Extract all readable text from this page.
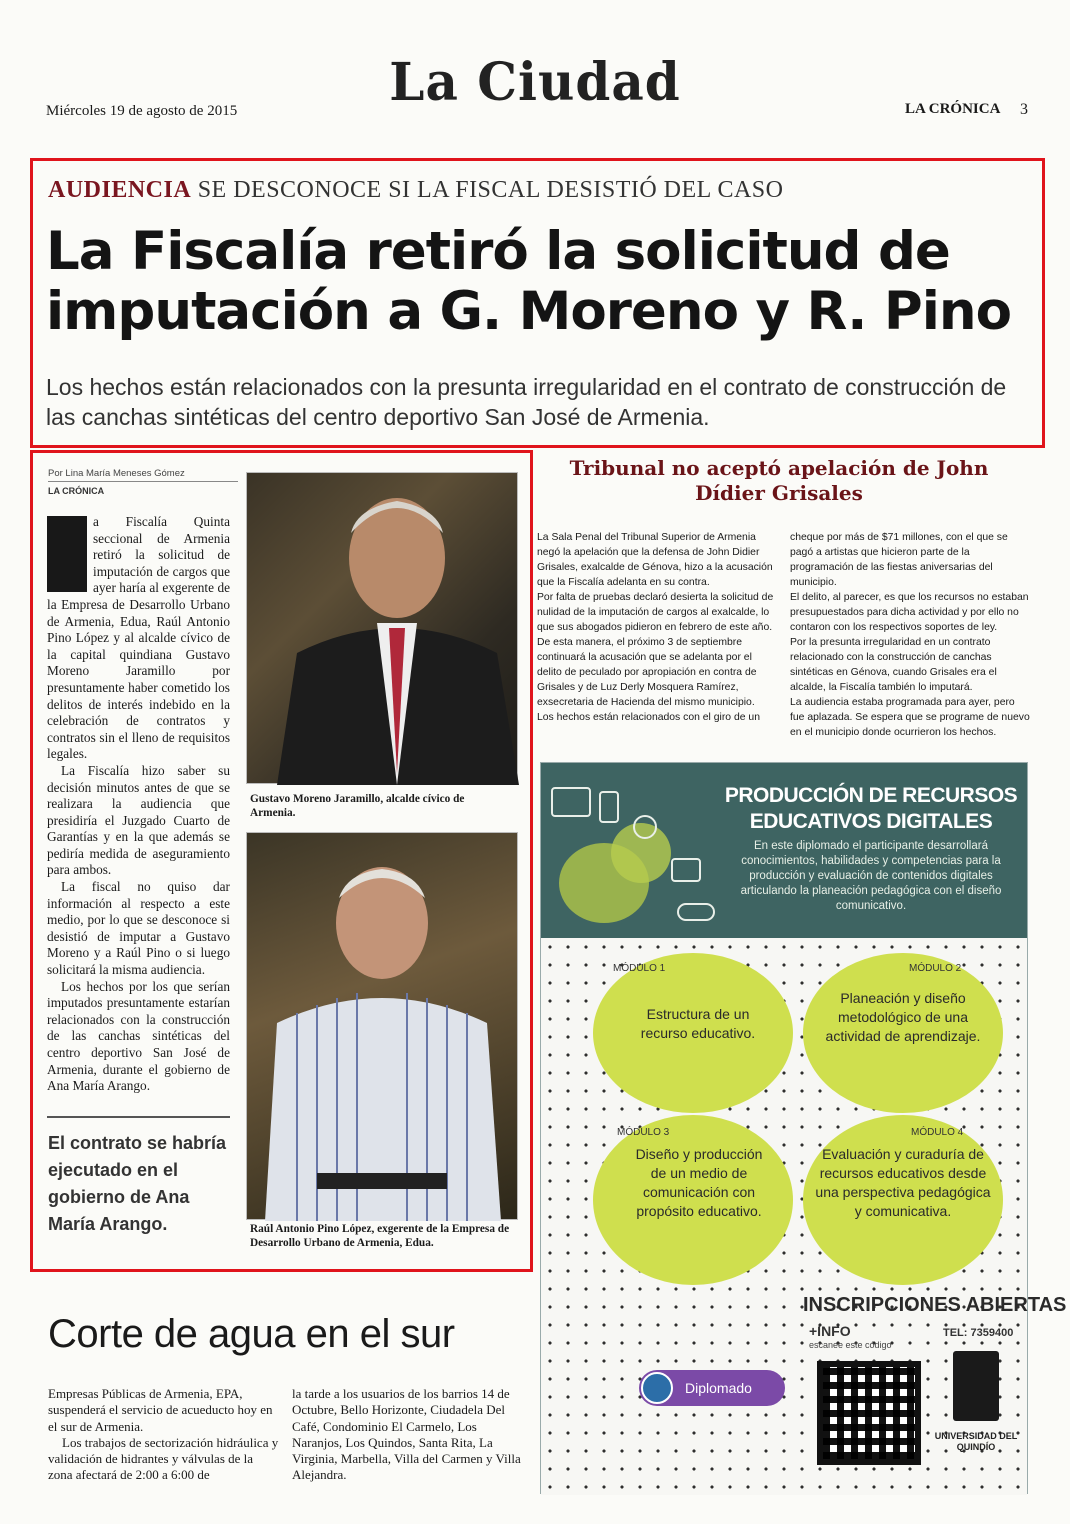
Miércoles 19 de agosto de 2015	La Ciudad	LA CRÓNICA 3
AUDIENCIA SE DESCONOCE SI LA FISCAL DESISTIÓ DEL CASO
La Fiscalía retiró la solicitud de imputación a G. Moreno y R. Pino
Los hechos están relacionados con la presunta irregularidad en el contrato de construcción de las canchas sintéticas del centro deportivo San José de Armenia.
Por Lina María Meneses Gómez
LA CRÓNICA

a Fiscalía Quinta seccional de Armenia retiró la solicitud de imputación de cargos que ayer haría al exgerente de la Empresa de Desarrollo Urbano de Armenia, Edua, Raúl Antonio Pino López y al alcalde cívico de la capital quindiana Gustavo Moreno Jaramillo por presuntamente haber cometido los delitos de interés indebido en la celebración de contratos y contratos sin el lleno de requisitos legales.

La Fiscalía hizo saber su decisión minutos antes de que se realizara la audiencia que presidiría el Juzgado Cuarto de Garantías y en la que además se pediría medida de aseguramiento para ambos.

La fiscal no quiso dar información al respecto a este medio, por lo que se desconoce si desistió de imputar a Gustavo Moreno y a Raúl Pino o si luego solicitará la misma audiencia.

Los hechos por los que serían imputados presuntamente estarían relacionados con la construcción de las canchas sintéticas del centro deportivo San José de Armenia, durante el gobierno de Ana María Arango.

El contrato se habría ejecutado en el gobierno de Ana María Arango.
Gustavo Moreno Jaramillo, alcalde cívico de Armenia.
Raúl Antonio Pino López, exgerente de la Empresa de Desarrollo Urbano de Armenia, Edua.
Tribunal no aceptó apelación de John Dídier Grisales

La Sala Penal del Tribunal Superior de Armenia negó la apelación que la defensa de John Didier Grisales, exalcalde de Génova, hizo a la acusación que la Fiscalía adelanta en su contra.

Por falta de pruebas declaró desierta la solicitud de nulidad de la imputación de cargos al exalcalde, lo que sus abogados pidieron en febrero de este año.

De esta manera, el próximo 3 de septiembre continuará la acusación que se adelanta por el delito de peculado por apropiación en contra de Grisales y de Luz Derly Mosquera Ramírez, exsecretaria de Hacienda del mismo municipio.

Los hechos están relacionados con el giro de un

cheque por más de $71 millones, con el que se pagó a artistas que hicieron parte de la programación de las fiestas aniversarias del municipio.

El delito, al parecer, es que los recursos no estaban presupuestados para dicha actividad y por ello no contaron con los respectivos soportes de ley.

Por la presunta irregularidad en un contrato relacionado con la construcción de canchas sintéticas en Génova, cuando Grisales era el alcalde, la Fiscalía también lo imputará.

La audiencia estaba programada para ayer, pero fue aplazada. Se espera que se programe de nuevo en el municipio donde ocurrieron los hechos.

PRODUCCIÓN DE RECURSOS EDUCATIVOS DIGITALES
En este diplomado el participante desarrollará conocimientos, habilidades y competencias para la producción y evaluación de contenidos digitales articulando la planeación pedagógica con el diseño comunicativo.
MÓDULO 1
Estructura de un recurso educativo.
MÓDULO 2
Planeación y diseño metodológico de una actividad de aprendizaje.
MÓDULO 3
Diseño y producción de un medio de comunicación con propósito educativo.
MÓDULO 4
Evaluación y curaduría de recursos educativos desde una perspectiva pedagógica y comunicativa.
INSCRIPCIONES ABIERTAS
+INFO
escanee este código
TEL: 7359400
UNIVERSIDAD DEL QUINDÍO
Diplomado
Corte de agua en el sur

Empresas Públicas de Armenia, EPA, suspenderá el servicio de acueducto hoy en el sur de Armenia.

Los trabajos de sectorización hidráulica y validación de hidrantes y válvulas de la zona afectará de 2:00 a 6:00 de

la tarde a los usuarios de los barrios 14 de Octubre, Bello Horizonte, Ciudadela Del Café, Condominio El Carmelo, Los Naranjos, Los Quindos, Santa Rita, La Virginia, Marbella, Villa del Carmen y Villa Alejandra.
